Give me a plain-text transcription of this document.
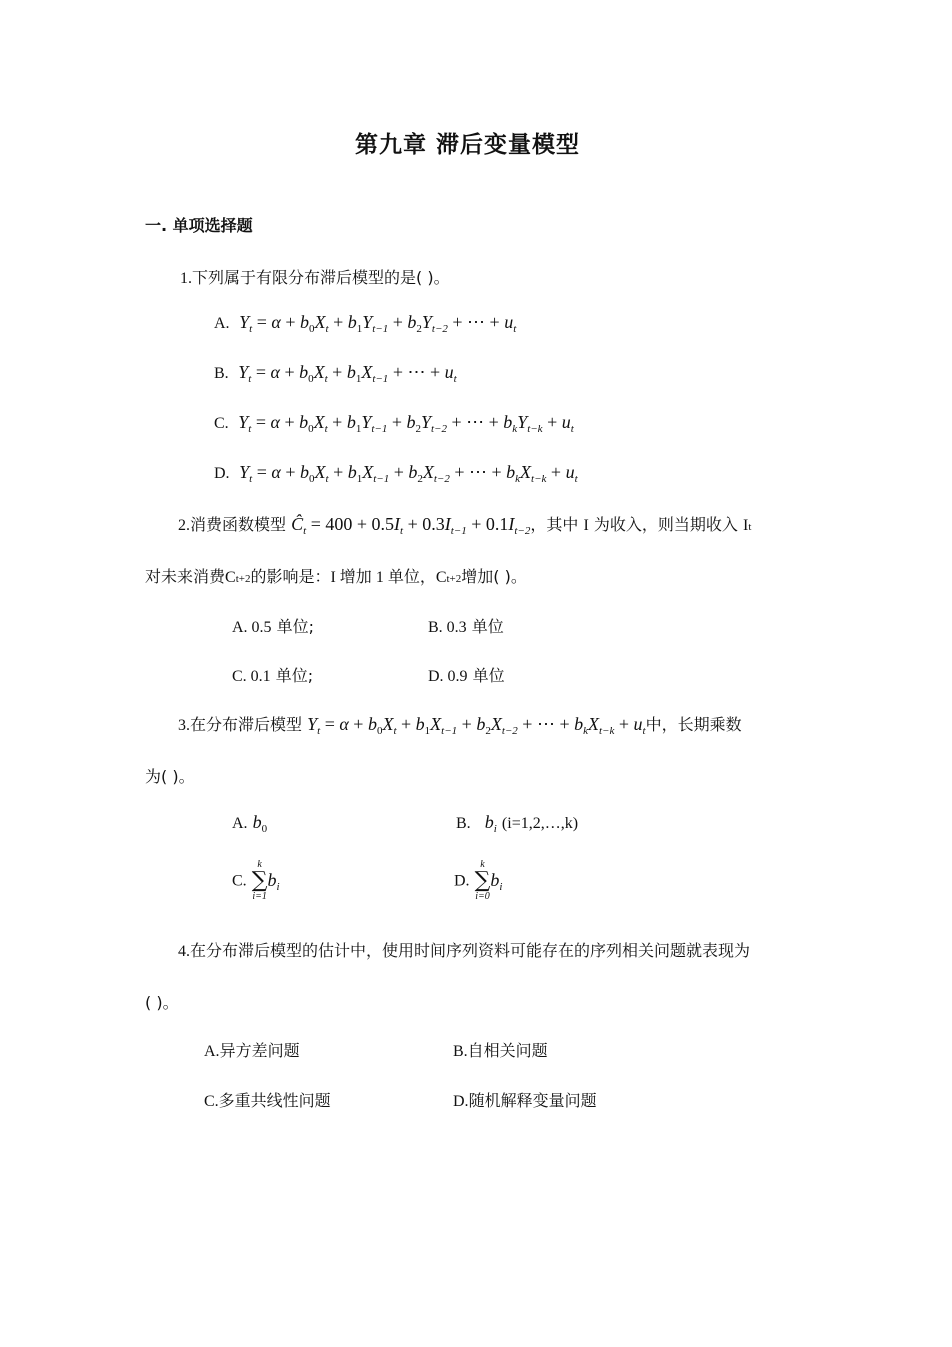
第九章 滞后变量模型
一. 单项选择题
1.下列属于有限分布滞后模型的是( )。
A. $Y_t = \alpha + b_0X_t + b_1Y_{t-1} + b_2Y_{t-2}$ + ⋯ + $u_t$
B. $Y_t = \alpha + b_0X_t + b_1X_{t-1}$ + ⋯ + $u_t$
C. $Y_t = \alpha + b_0X_t + b_1Y_{t-1} + b_2Y_{t-2}$ + ⋯ + $b_kY_{t-k} + u_t$
D. $Y_t = \alpha + b_0X_t + b_1X_{t-1} + b_2X_{t-2}$ + ⋯ + $b_kX_{t-k} + u_t$
2.消费函数模型 $Ĉ_t = 400 + 0.5I_t + 0.3I_{t-1} + 0.1I_{t-2}$，其中 I 为收入，则当期收入 It
对未来消费Ct+2的影响是：I 增加 1 单位，Ct+2增加( )。
A. 0.5 单位;	B. 0.3 单位
C. 0.1 单位;	D. 0.9 单位
3.在分布滞后模型 $Y_t = \alpha + b_0X_t + b_1X_{t-1} + b_2X_{t-2}$ + ⋯ + $b_kX_{t-k} + u_t$中，长期乘数
为( )。
A. $b_0$	B. $b_i$ (i=1,2,…,k)
C.
k
∑
i=1
$b_i$	D.
k
∑
i=0
$b_i$
4.在分布滞后模型的估计中，使用时间序列资料可能存在的序列相关问题就表现为
( )。
A.异方差问题	B.自相关问题
C.多重共线性问题	D.随机解释变量问题
